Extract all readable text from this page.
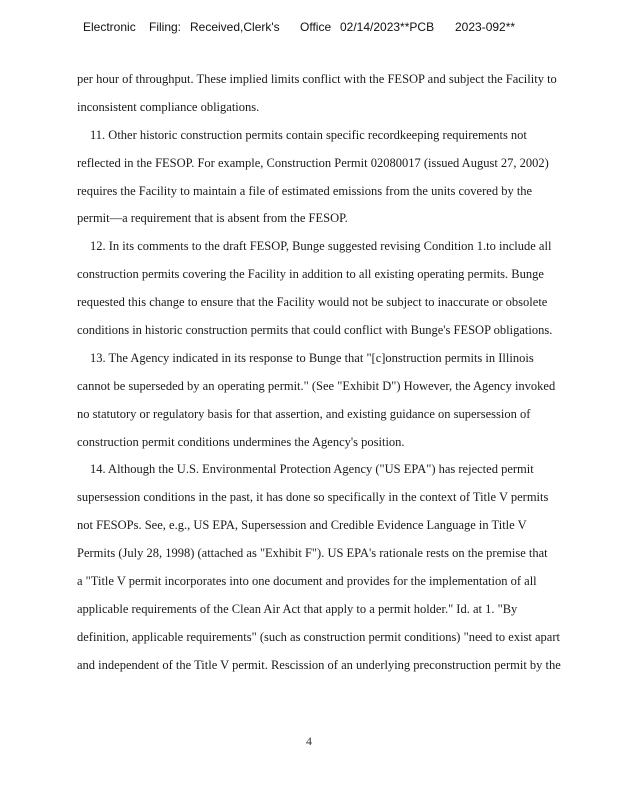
Electronic Filing: Received,Clerk's Office 02/14/2023**PCB 2023-092**
per hour of throughput. These implied limits conflict with the FESOP and subject the Facility to
inconsistent compliance obligations.
11. Other historic construction permits contain specific recordkeeping requirements not
reflected in the FESOP. For example, Construction Permit 02080017 (issued August 27, 2002)
requires the Facility to maintain a file of estimated emissions from the units covered by the
permit—a requirement that is absent from the FESOP.
12. In its comments to the draft FESOP, Bunge suggested revising Condition 1.to include all
construction permits covering the Facility in addition to all existing operating permits. Bunge
requested this change to ensure that the Facility would not be subject to inaccurate or obsolete
conditions in historic construction permits that could conflict with Bunge's FESOP obligations.
13. The Agency indicated in its response to Bunge that "[c]onstruction permits in Illinois
cannot be superseded by an operating permit." (See "Exhibit D") However, the Agency invoked
no statutory or regulatory basis for that assertion, and existing guidance on supersession of
construction permit conditions undermines the Agency's position.
14. Although the U.S. Environmental Protection Agency ("US EPA") has rejected permit
supersession conditions in the past, it has done so specifically in the context of Title V permits
not FESOPs. See, e.g., US EPA, Supersession and Credible Evidence Language in Title V
Permits (July 28, 1998) (attached as "Exhibit F"). US EPA's rationale rests on the premise that
a "Title V permit incorporates into one document and provides for the implementation of all
applicable requirements of the Clean Air Act that apply to a permit holder." Id. at 1. "By
definition, applicable requirements" (such as construction permit conditions) "need to exist apart
and independent of the Title V permit. Rescission of an underlying preconstruction permit by the
4
